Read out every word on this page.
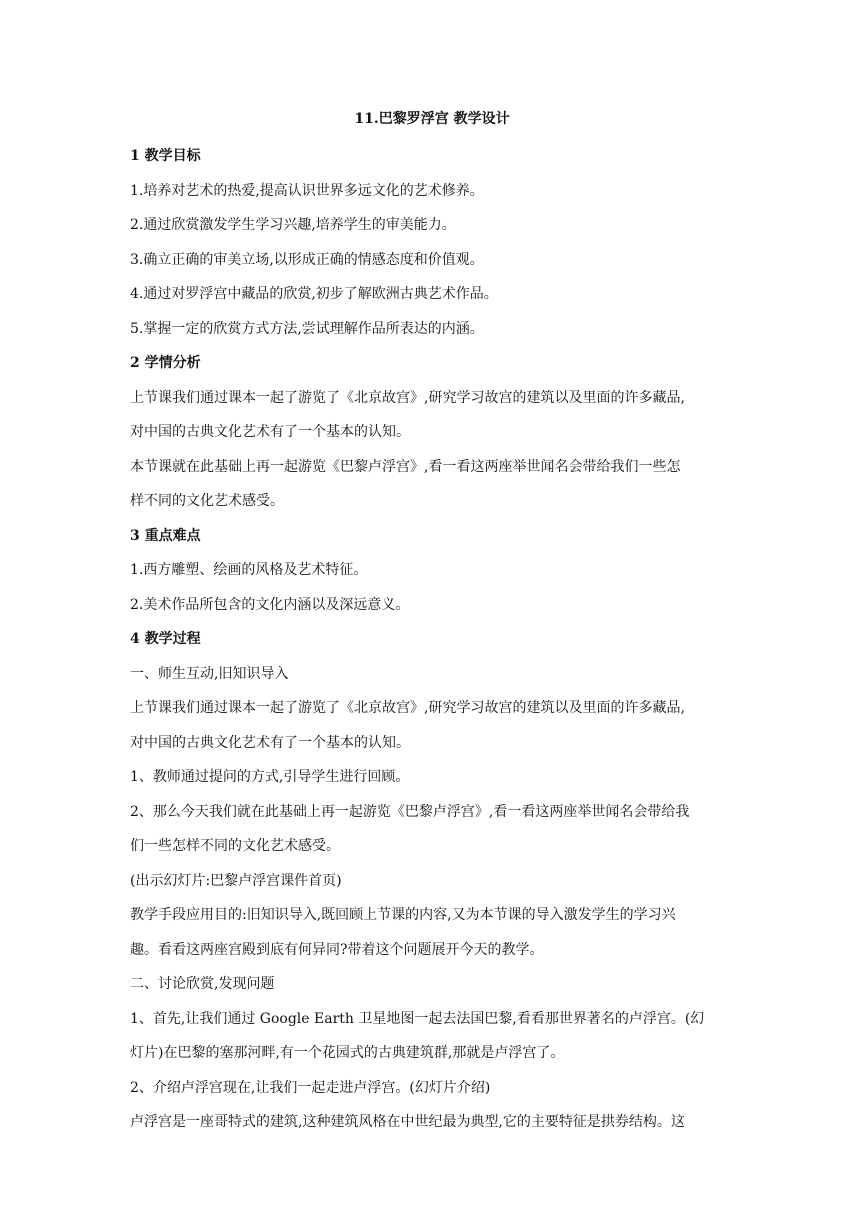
11.巴黎罗浮宫 教学设计

1 教学目标

1.培养对艺术的热爱,提高认识世界多远文化的艺术修养。

2.通过欣赏激发学生学习兴趣,培养学生的审美能力。

3.确立正确的审美立场,以形成正确的情感态度和价值观。

4.通过对罗浮宫中藏品的欣赏,初步了解欧洲古典艺术作品。

5.掌握一定的欣赏方式方法,尝试理解作品所表达的内涵。

2 学情分析

上节课我们通过课本一起了游览了《北京故宫》,研究学习故宫的建筑以及里面的许多藏品,

对中国的古典文化艺术有了一个基本的认知。

本节课就在此基础上再一起游览《巴黎卢浮宫》,看一看这两座举世闻名会带给我们一些怎

样不同的文化艺术感受。

3 重点难点

1.西方雕塑、绘画的风格及艺术特征。

2.美术作品所包含的文化内涵以及深远意义。

4 教学过程

一、师生互动,旧知识导入

上节课我们通过课本一起了游览了《北京故宫》,研究学习故宫的建筑以及里面的许多藏品,

对中国的古典文化艺术有了一个基本的认知。

1、教师通过提问的方式,引导学生进行回顾。

2、那么今天我们就在此基础上再一起游览《巴黎卢浮宫》,看一看这两座举世闻名会带给我

们一些怎样不同的文化艺术感受。

(出示幻灯片:巴黎卢浮宫课件首页)

教学手段应用目的:旧知识导入,既回顾上节课的内容,又为本节课的导入激发学生的学习兴

趣。看看这两座宫殿到底有何异同?带着这个问题展开今天的教学。

二、讨论欣赏,发现问题

1、首先,让我们通过 Google Earth 卫星地图一起去法国巴黎,看看那世界著名的卢浮宫。(幻

灯片)在巴黎的塞那河畔,有一个花园式的古典建筑群,那就是卢浮宫了。

2、介绍卢浮宫现在,让我们一起走进卢浮宫。(幻灯片介绍)

卢浮宫是一座哥特式的建筑,这种建筑风格在中世纪最为典型,它的主要特征是拱券结构。这
